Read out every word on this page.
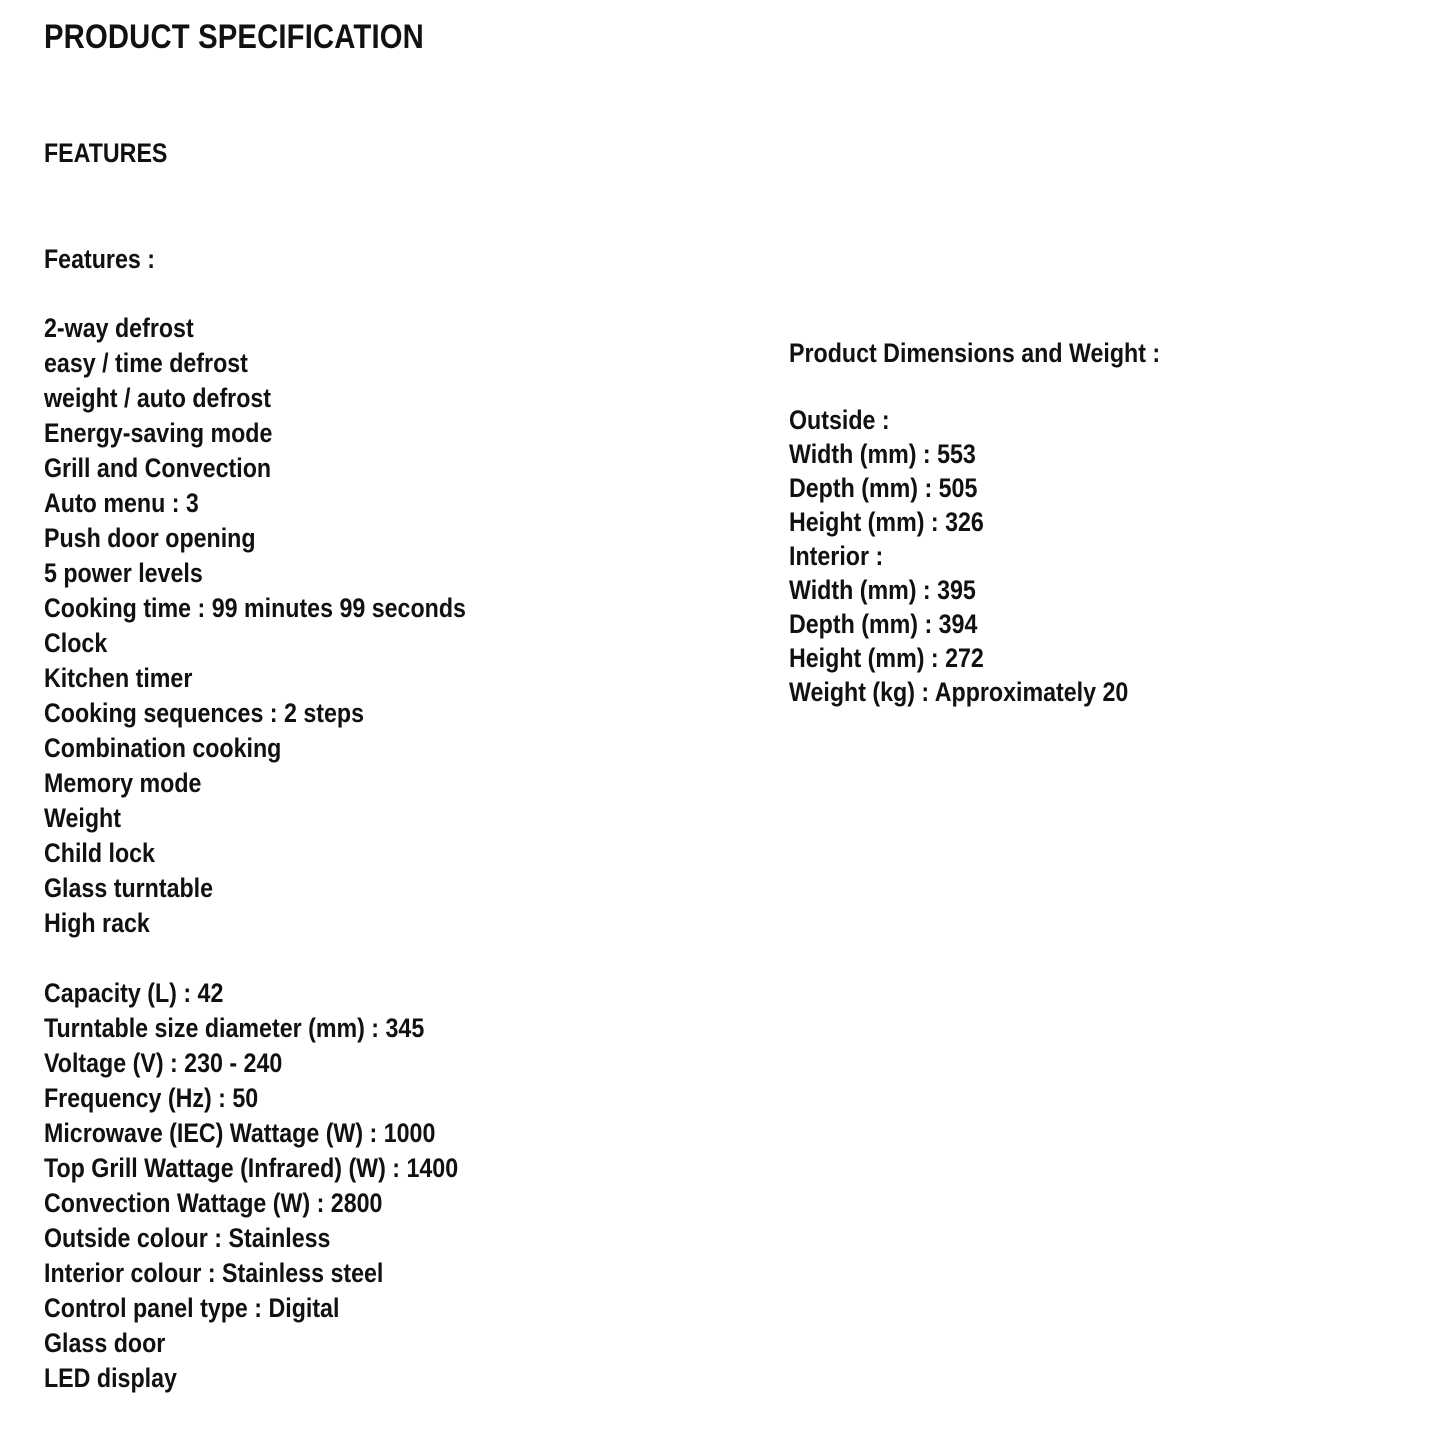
PRODUCT SPECIFICATION
FEATURES
Features :
2-way defrost
easy / time defrost
weight / auto defrost
Energy-saving mode
Grill and Convection
Auto menu : 3
Push door opening
5 power levels
Cooking time : 99 minutes 99 seconds
Clock
Kitchen timer
Cooking sequences : 2 steps
Combination cooking
Memory mode
Weight
Child lock
Glass turntable
High rack
Capacity (L) : 42
Turntable size diameter (mm) : 345
Voltage (V) : 230 - 240
Frequency (Hz) : 50
Microwave (IEC) Wattage (W) : 1000
Top Grill Wattage (Infrared) (W) : 1400
Convection Wattage (W) : 2800
Outside colour : Stainless
Interior colour : Stainless steel
Control panel type : Digital
Glass door
LED display
Product Dimensions and Weight :
Outside :
Width (mm) : 553
Depth (mm) : 505
Height (mm) : 326
Interior :
Width (mm) : 395
Depth (mm) : 394
Height (mm) : 272
Weight (kg) : Approximately 20
